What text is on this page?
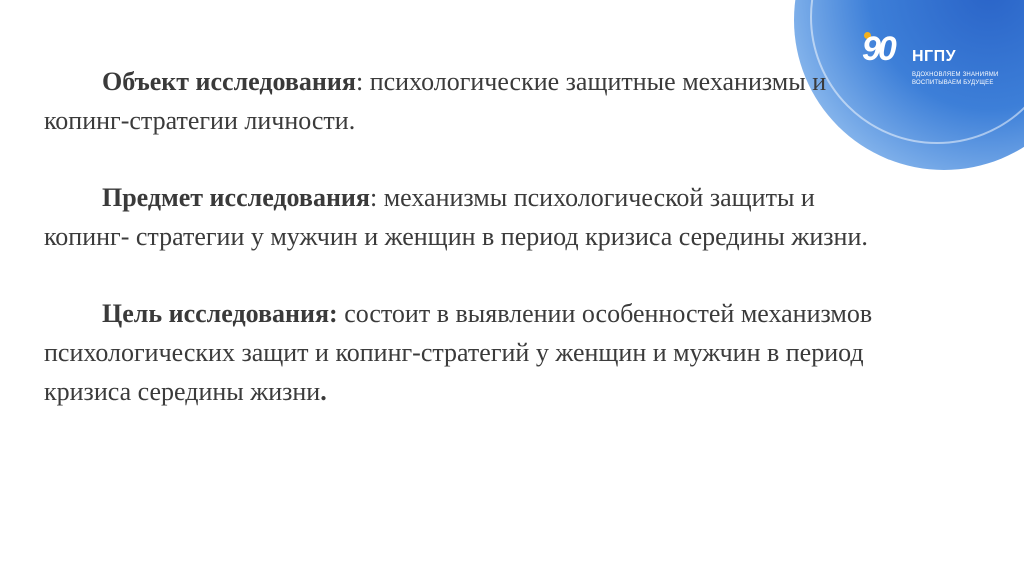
90 НГПУ
ВДОХНОВЛЯЕМ ЗНАНИЯМИ
ВОСПИТЫВАЕМ БУДУЩЕЕ

Объект исследования: психологические защитные механизмы и копинг-стратегии личности.

Предмет исследования: механизмы психологической защиты и копинг- стратегии у мужчин и женщин в период кризиса середины жизни.

Цель исследования: состоит в выявлении особенностей механизмов психологических защит и копинг-стратегий у женщин и мужчин в период кризиса середины жизни.
